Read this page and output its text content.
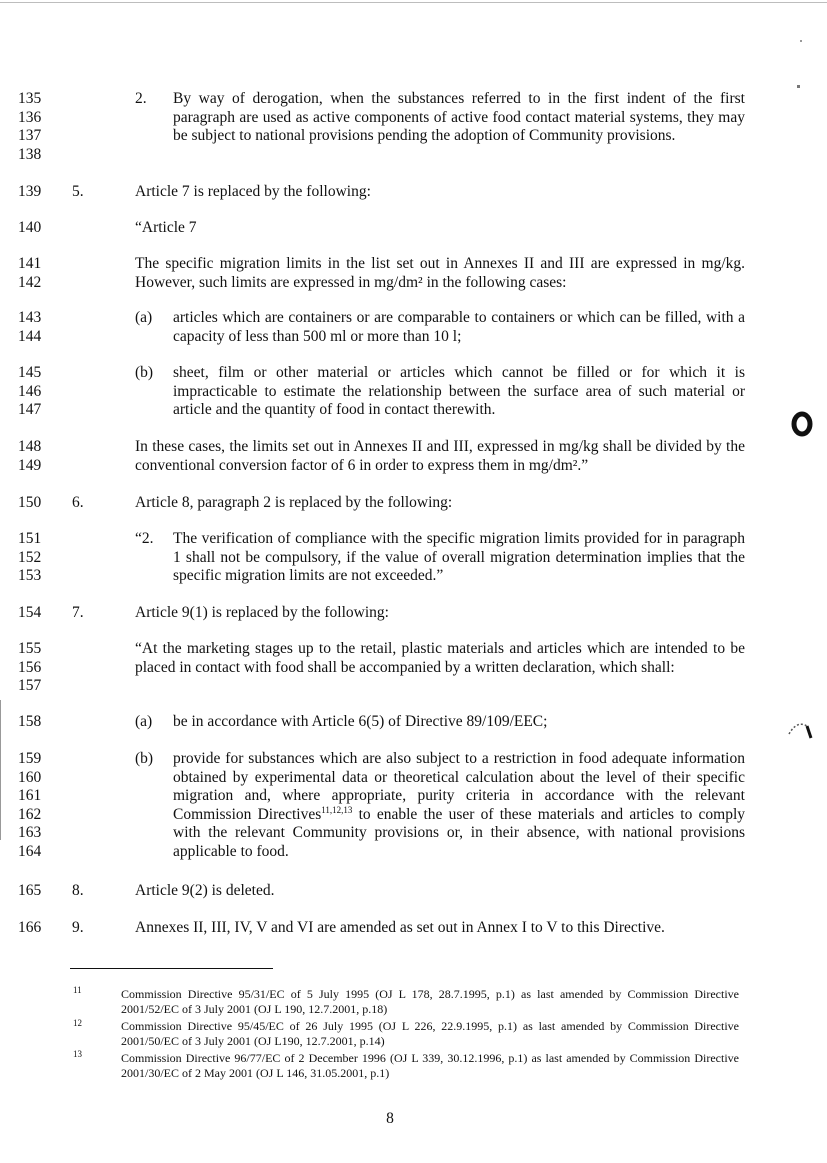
135
136
137
138
2. By way of derogation, when the substances referred to in the first indent of the first paragraph are used as active components of active food contact material systems, they may be subject to national provisions pending the adoption of Community provisions.
139	5.	Article 7 is replaced by the following:
140	“Article 7
141
142
The specific migration limits in the list set out in Annexes II and III are expressed in mg/kg. However, such limits are expressed in mg/dm² in the following cases:
143
144
(a) articles which are containers or are comparable to containers or which can be filled, with a capacity of less than 500 ml or more than 10 l;
145
146
147
(b) sheet, film or other material or articles which cannot be filled or for which it is impracticable to estimate the relationship between the surface area of such material or article and the quantity of food in contact therewith.
148
149
In these cases, the limits set out in Annexes II and III, expressed in mg/kg shall be divided by the conventional conversion factor of 6 in order to express them in mg/dm².”
150	6.	Article 8, paragraph 2 is replaced by the following:
151
152
153
“2. The verification of compliance with the specific migration limits provided for in paragraph 1 shall not be compulsory, if the value of overall migration determination implies that the specific migration limits are not exceeded.”
154	7.	Article 9(1) is replaced by the following:
155
156
157
“At the marketing stages up to the retail, plastic materials and articles which are intended to be placed in contact with food shall be accompanied by a written declaration, which shall:
158	(a) be in accordance with Article 6(5) of Directive 89/109/EEC;
159
160
161
162
163
164
(b) provide for substances which are also subject to a restriction in food adequate information obtained by experimental data or theoretical calculation about the level of their specific migration and, where appropriate, purity criteria in accordance with the relevant Commission Directives$^{11,12,13}$ to enable the user of these materials and articles to comply with the relevant Community provisions or, in their absence, with national provisions applicable to food.
165	8.	Article 9(2) is deleted.
166	9.	Annexes II, III, IV, V and VI are amended as set out in Annex I to V to this Directive.
11	Commission Directive 95/31/EC of 5 July 1995 (OJ L 178, 28.7.1995, p.1) as last amended by Commission Directive 2001/52/EC of 3 July 2001 (OJ L 190, 12.7.2001, p.18)
12	Commission Directive 95/45/EC of 26 July 1995 (OJ L 226, 22.9.1995, p.1) as last amended by Commission Directive 2001/50/EC of 3 July 2001 (OJ L190, 12.7.2001, p.14)
13	Commission Directive 96/77/EC of 2 December 1996 (OJ L 339, 30.12.1996, p.1) as last amended by Commission Directive 2001/30/EC of 2 May 2001 (OJ L 146, 31.05.2001, p.1)
8
